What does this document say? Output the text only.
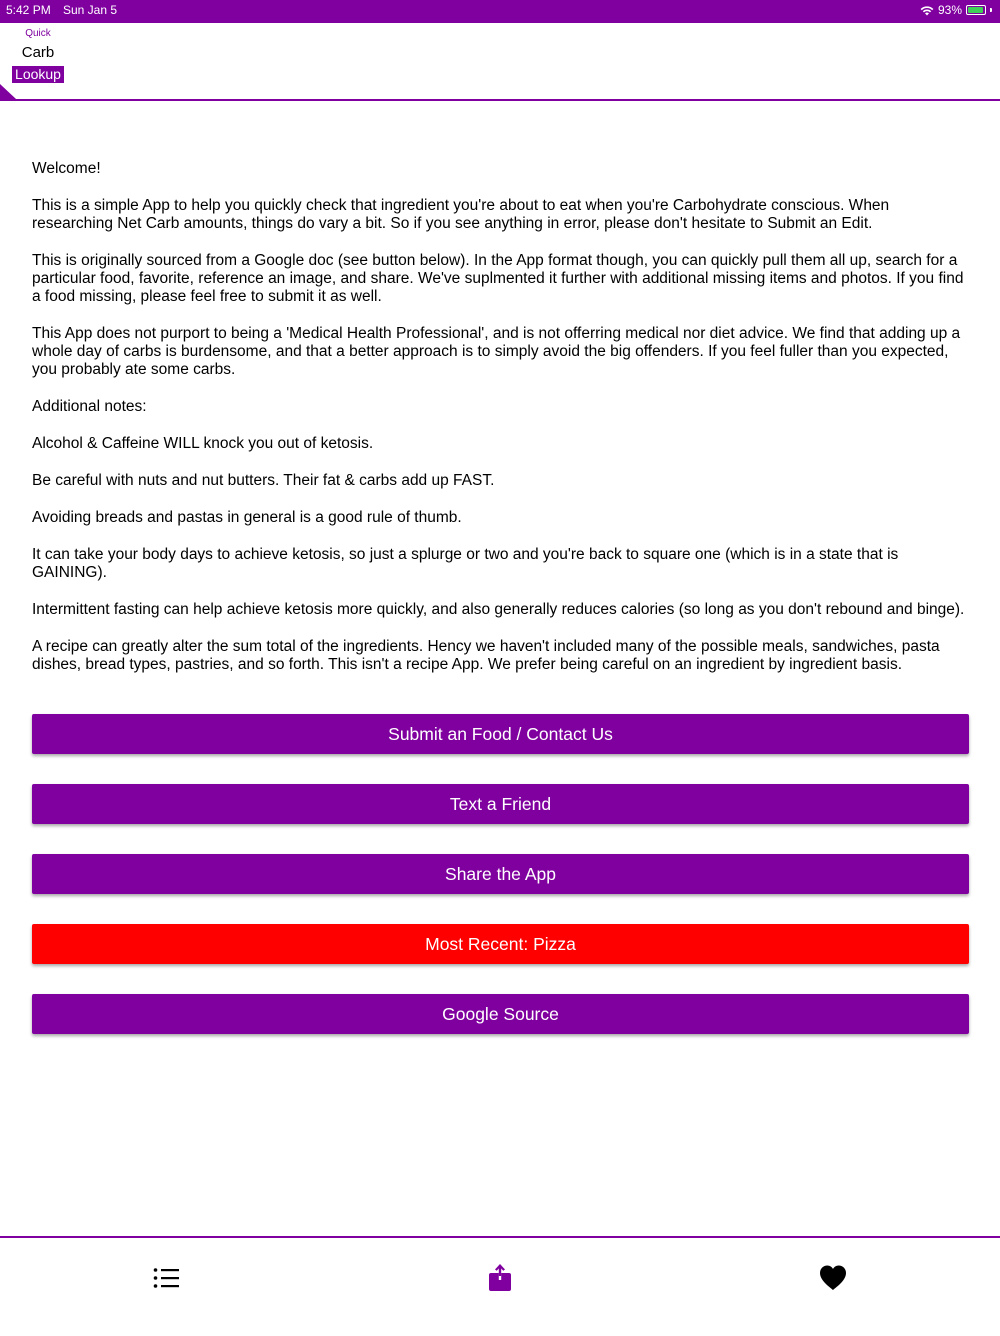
5:42 PM Sun Jan 5	93%
Quick
Carb
Lookup

Welcome!

This is a simple App to help you quickly check that ingredient you're about to eat when you're Carbohydrate conscious. When researching Net Carb amounts, things do vary a bit. So if you see anything in error, please don't hesitate to Submit an Edit.

This is originally sourced from a Google doc (see button below). In the App format though, you can quickly pull them all up, search for a particular food, favorite, reference an image, and share. We've suplmented it further with additional missing items and photos. If you find a food missing, please feel free to submit it as well.

This App does not purport to being a 'Medical Health Professional', and is not offerring medical nor diet advice. We find that adding up a whole day of carbs is burdensome, and that a better approach is to simply avoid the big offenders. If you feel fuller than you expected, you probably ate some carbs.

Additional notes:

Alcohol & Caffeine WILL knock you out of ketosis.

Be careful with nuts and nut butters. Their fat & carbs add up FAST.

Avoiding breads and pastas in general is a good rule of thumb.

It can take your body days to achieve ketosis, so just a splurge or two and you're back to square one (which is in a state that is GAINING).

Intermittent fasting can help achieve ketosis more quickly, and also generally reduces calories (so long as you don't rebound and binge).

A recipe can greatly alter the sum total of the ingredients. Hency we haven't included many of the possible meals, sandwiches, pasta dishes, bread types, pastries, and so forth. This isn't a recipe App. We prefer being careful on an ingredient by ingredient basis.

Submit an Food / Contact Us
Text a Friend
Share the App
Most Recent: Pizza
Google Source
